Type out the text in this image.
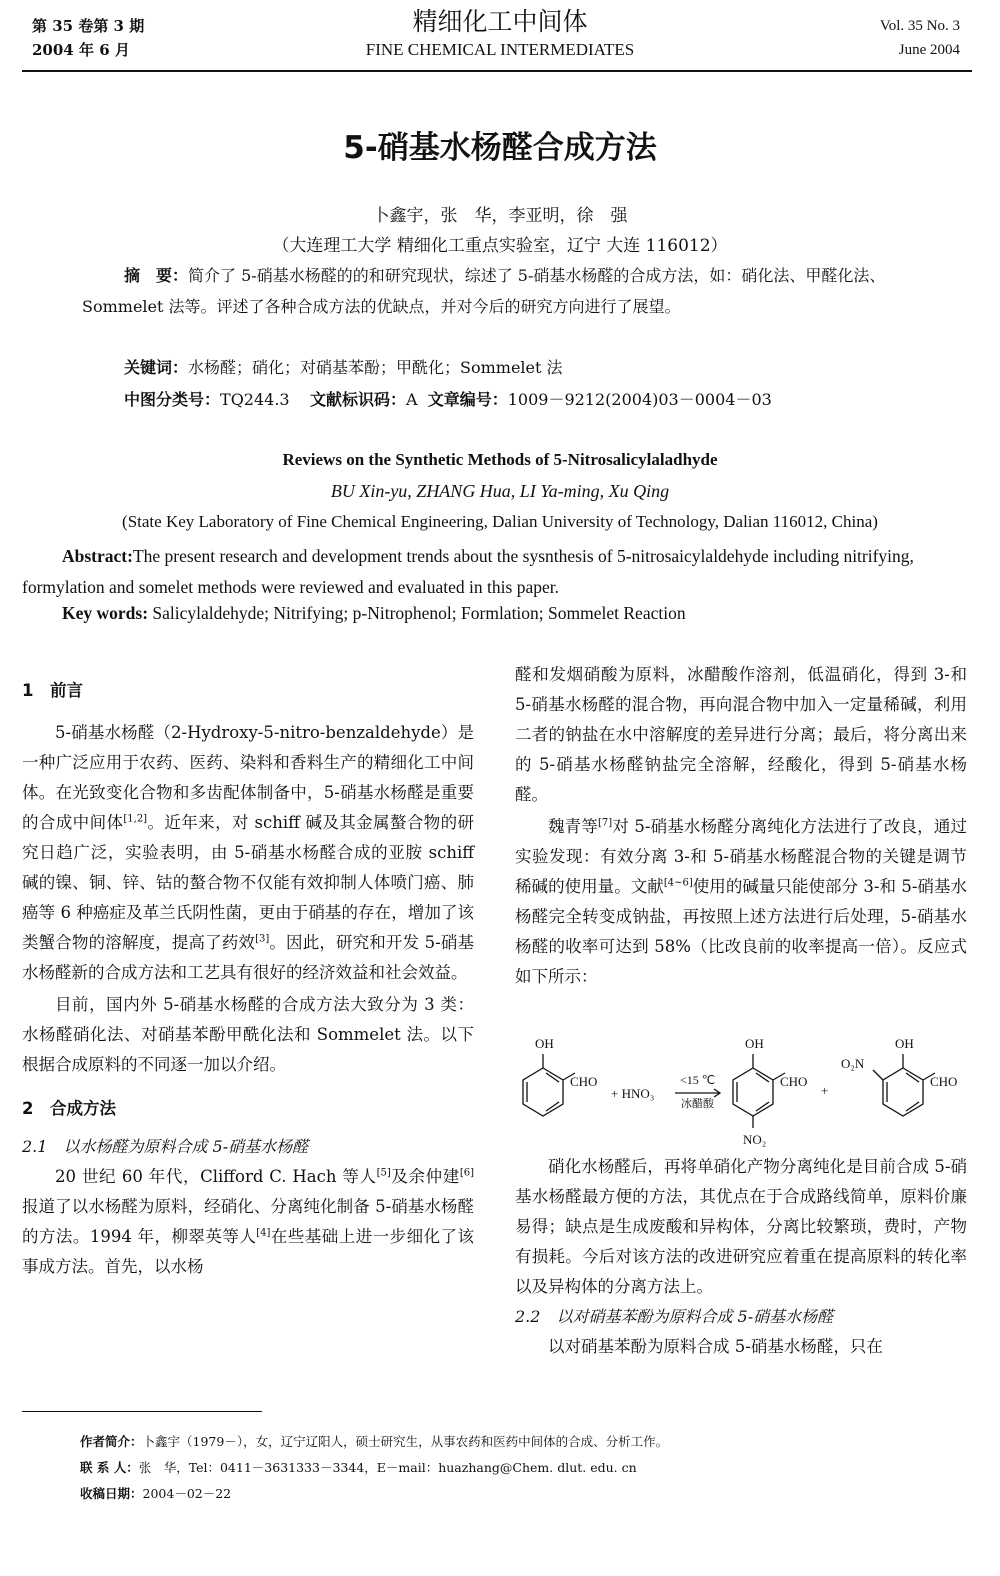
第 35 卷第 3 期
2004 年 6 月
精细化工中间体
FINE CHEMICAL INTERMEDIATES
Vol. 35 No. 3
June 2004
5-硝基水杨醛合成方法
卜鑫宇，张　华，李亚明，徐　强
（大连理工大学 精细化工重点实验室，辽宁 大连 116012）
摘　要：简介了 5-硝基水杨醛的的和研究现状，综述了 5-硝基水杨醛的合成方法，如：硝化法、甲醛化法、Sommelet 法等。评述了各种合成方法的优缺点，并对今后的研究方向进行了展望。
关键词：水杨醛；硝化；对硝基苯酚；甲酰化；Sommelet 法
中图分类号：TQ244.3 文献标识码：A 文章编号：1009－9212(2004)03－0004－03
Reviews on the Synthetic Methods of 5-Nitrosalicylaladhyde
BU Xin-yu, ZHANG Hua, LI Ya-ming, Xu Qing
(State Key Laboratory of Fine Chemical Engineering, Dalian University of Technology, Dalian 116012, China)
Abstract:The present research and development trends about the sysnthesis of 5-nitrosaicylaldehyde including nitrifying, formylation and somelet methods were reviewed and evaluated in this paper.
Key words: Salicylaldehyde; Nitrifying; p-Nitrophenol; Formlation; Sommelet Reaction
1　前言

5-硝基水杨醛（2-Hydroxy-5-nitro-benzaldehyde）是一种广泛应用于农药、医药、染料和香料生产的精细化工中间体。在光致变化合物和多齿配体制备中，5-硝基水杨醛是重要的合成中间体[1,2]。近年来，对 schiff 碱及其金属螯合物的研究日趋广泛，实验表明，由 5-硝基水杨醛合成的亚胺 schiff 碱的镍、铜、锌、钴的螯合物不仅能有效抑制人体喷门癌、肺癌等 6 种癌症及革兰氏阴性菌，更由于硝基的存在，增加了该类蟹合物的溶解度，提高了药效[3]。因此，研究和开发 5-硝基水杨醛新的合成方法和工艺具有很好的经济效益和社会效益。

目前，国内外 5-硝基水杨醛的合成方法大致分为 3 类：水杨醛硝化法、对硝基苯酚甲酰化法和 Sommelet 法。以下根据合成原料的不同逐一加以介绍。

2　合成方法
2.1　以水杨醛为原料合成 5-硝基水杨醛

20 世纪 60 年代，Clifford C. Hach 等人[5]及余仲建[6]报道了以水杨醛为原料，经硝化、分离纯化制备 5-硝基水杨醛的方法。1994 年，柳翠英等人[4]在些基础上进一步细化了该事成方法。首先，以水杨

醛和发烟硝酸为原料，冰醋酸作溶剂，低温硝化，得到 3-和 5-硝基水杨醛的混合物，再向混合物中加入一定量稀碱，利用二者的钠盐在水中溶解度的差异进行分离；最后，将分离出来的 5-硝基水杨醛钠盐完全溶解，经酸化，得到 5-硝基水杨醛。

魏青等[7]对 5-硝基水杨醛分离纯化方法进行了改良，通过实验发现：有效分离 3-和 5-硝基水杨醛混合物的关键是调节稀碱的使用量。文献[4~6]使用的碱量只能使部分 3-和 5-硝基水杨醛完全转变成钠盐，再按照上述方法进行后处理，5-硝基水杨醛的收率可达到 58%（比改良前的收率提高一倍）。反应式如下所示：

OH
CHO
+ HNO₃
<15 ℃
冰醋酸
OH
CHO
NO₂
+
O₂N
OH
CHO

硝化水杨醛后，再将单硝化产物分离纯化是目前合成 5-硝基水杨醛最方便的方法，其优点在于合成路线简单，原料价廉易得；缺点是生成废酸和异构体，分离比较繁琐，费时，产物有损耗。今后对该方法的改进研究应着重在提高原料的转化率以及异构体的分离方法上。

2.2　以对硝基苯酚为原料合成 5-硝基水杨醛

以对硝基苯酚为原料合成 5-硝基水杨醛，只在

作者简介：卜鑫宇（1979－），女，辽宁辽阳人，硕士研究生，从事农药和医药中间体的合成、分析工作。
联 系 人：张　华，Tel：0411－3631333－3344，E－mail：huazhang@Chem. dlut. edu. cn
收稿日期：2004－02－22
